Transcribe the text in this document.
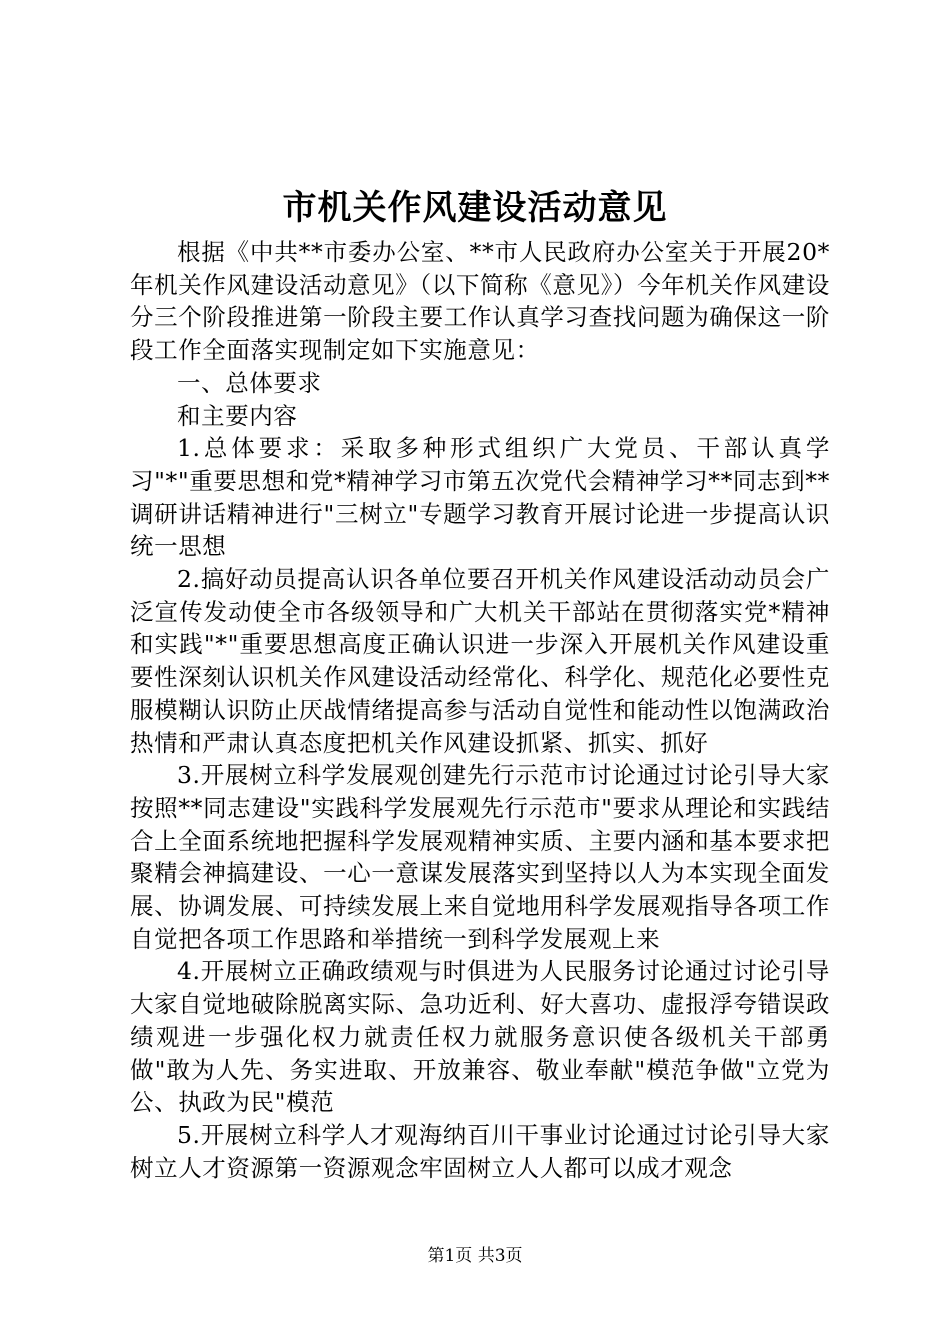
市机关作风建设活动意见

根据《中共**市委办公室、**市人民政府办公室关于开展20*年机关作风建设活动意见》（以下简称《意见》）今年机关作风建设分三个阶段推进第一阶段主要工作认真学习查找问题为确保这一阶段工作全面落实现制定如下实施意见：

一、总体要求

和主要内容

1.总体要求：采取多种形式组织广大党员、干部认真学习"*"重要思想和党*精神学习市第五次党代会精神学习**同志到**调研讲话精神进行"三树立"专题学习教育开展讨论进一步提高认识统一思想

2.搞好动员提高认识各单位要召开机关作风建设活动动员会广泛宣传发动使全市各级领导和广大机关干部站在贯彻落实党*精神和实践"*"重要思想高度正确认识进一步深入开展机关作风建设重要性深刻认识机关作风建设活动经常化、科学化、规范化必要性克服模糊认识防止厌战情绪提高参与活动自觉性和能动性以饱满政治热情和严肃认真态度把机关作风建设抓紧、抓实、抓好

3.开展树立科学发展观创建先行示范市讨论通过讨论引导大家按照**同志建设"实践科学发展观先行示范市"要求从理论和实践结合上全面系统地把握科学发展观精神实质、主要内涵和基本要求把聚精会神搞建设、一心一意谋发展落实到坚持以人为本实现全面发展、协调发展、可持续发展上来自觉地用科学发展观指导各项工作自觉把各项工作思路和举措统一到科学发展观上来

4.开展树立正确政绩观与时俱进为人民服务讨论通过讨论引导大家自觉地破除脱离实际、急功近利、好大喜功、虚报浮夸错误政绩观进一步强化权力就责任权力就服务意识使各级机关干部勇做"敢为人先、务实进取、开放兼容、敬业奉献"模范争做"立党为公、执政为民"模范

5.开展树立科学人才观海纳百川干事业讨论通过讨论引导大家树立人才资源第一资源观念牢固树立人人都可以成才观念

第1页 共3页
